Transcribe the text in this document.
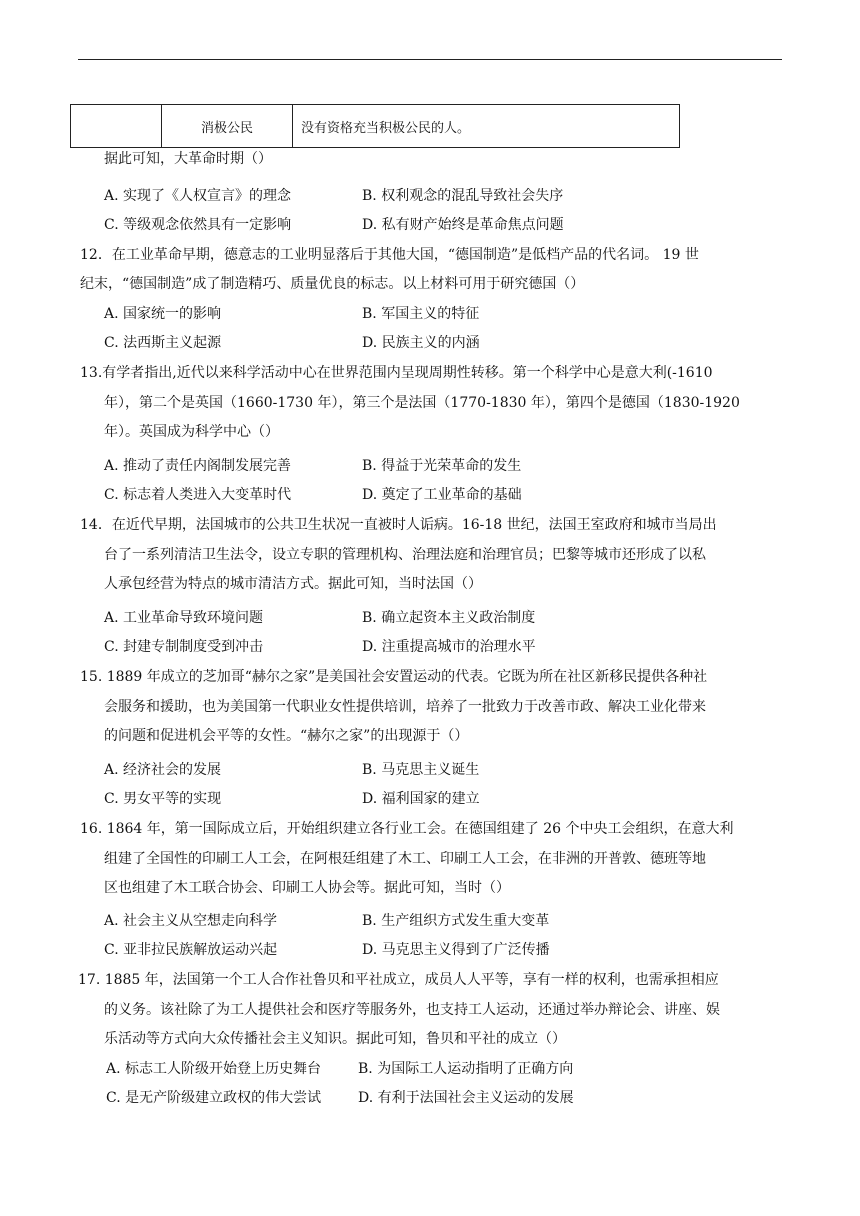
	消极公民	没有资格充当积极公民的人。
据此可知，大革命时期（）
A. 实现了《人权宣言》的理念	B. 权利观念的混乱导致社会失序
C. 等级观念依然具有一定影响	D. 私有财产始终是革命焦点问题
12．在工业革命早期，德意志的工业明显落后于其他大国，“德国制造”是低档产品的代名词。 19 世
纪末，“德国制造”成了制造精巧、质量优良的标志。以上材料可用于研究德国（）
A. 国家统一的影响	B. 军国主义的特征
C. 法西斯主义起源	D. 民族主义的内涵
13.有学者指出,近代以来科学活动中心在世界范围内呈现周期性转移。第一个科学中心是意大利(-1610
年），第二个是英国（1660-1730 年），第三个是法国（1770-1830 年），第四个是德国（1830-1920
年）。英国成为科学中心（）
A. 推动了责任内阁制发展完善	B. 得益于光荣革命的发生
C. 标志着人类进入大变革时代	D. 奠定了工业革命的基础
14．在近代早期，法国城市的公共卫生状况一直被时人诟病。16-18 世纪，法国王室政府和城市当局出
台了一系列清洁卫生法令，设立专职的管理机构、治理法庭和治理官员；巴黎等城市还形成了以私
人承包经营为特点的城市清洁方式。据此可知，当时法国（）
A. 工业革命导致环境问题	B. 确立起资本主义政治制度
C. 封建专制制度受到冲击	D. 注重提高城市的治理水平
15. 1889 年成立的芝加哥“赫尔之家”是美国社会安置运动的代表。它既为所在社区新移民提供各种社
会服务和援助，也为美国第一代职业女性提供培训，培养了一批致力于改善市政、解决工业化带来
的问题和促进机会平等的女性。“赫尔之家”的出现源于（）
A. 经济社会的发展	B. 马克思主义诞生
C. 男女平等的实现	D. 福利国家的建立
16. 1864 年，第一国际成立后，开始组织建立各行业工会。在德国组建了 26 个中央工会组织，在意大利
组建了全国性的印刷工人工会，在阿根廷组建了木工、印刷工人工会，在非洲的开普敦、德班等地
区也组建了木工联合协会、印刷工人协会等。据此可知，当时（）
A. 社会主义从空想走向科学	B. 生产组织方式发生重大变革
C. 亚非拉民族解放运动兴起	D. 马克思主义得到了广泛传播
17. 1885 年，法国第一个工人合作社鲁贝和平社成立，成员人人平等，享有一样的权利，也需承担相应
的义务。该社除了为工人提供社会和医疗等服务外，也支持工人运动，还通过举办辩论会、讲座、娱
乐活动等方式向大众传播社会主义知识。据此可知，鲁贝和平社的成立（）
A. 标志工人阶级开始登上历史舞台	B. 为国际工人运动指明了正确方向
C. 是无产阶级建立政权的伟大尝试	D. 有利于法国社会主义运动的发展
